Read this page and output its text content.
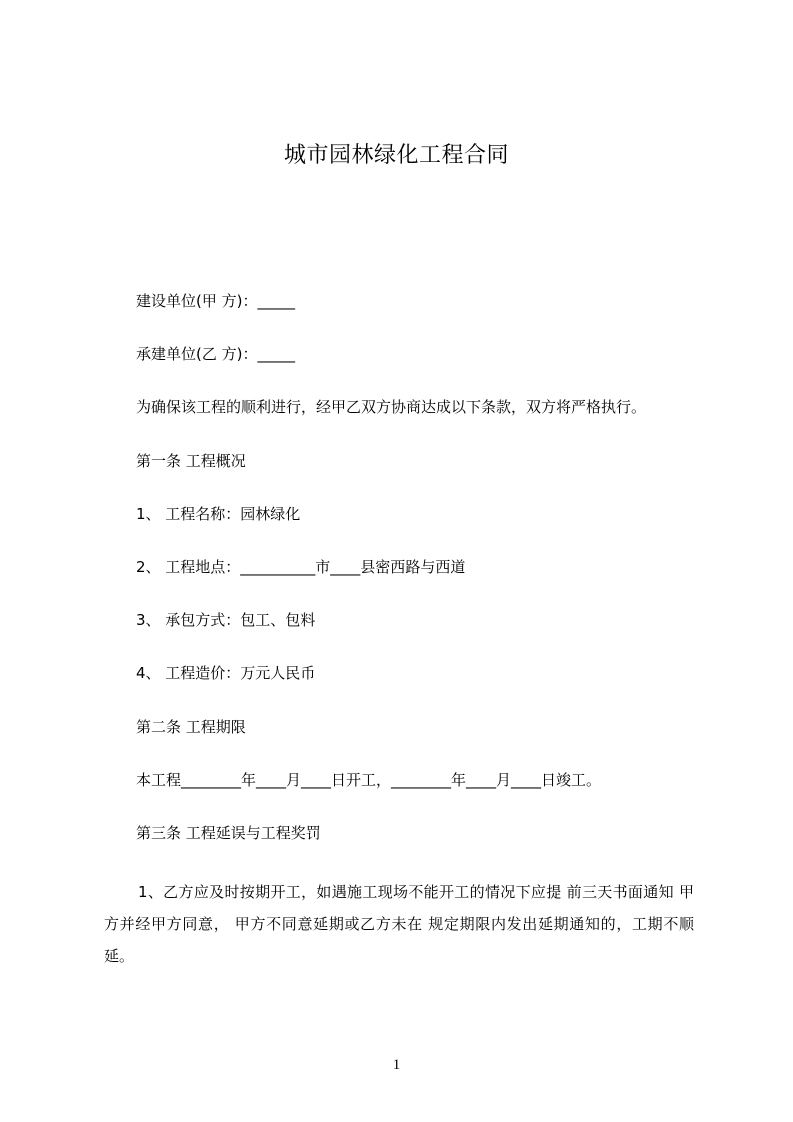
城市园林绿化工程合同
建设单位(甲 方)：_____
承建单位(乙 方)：_____
为确保该工程的顺利进行，经甲乙双方协商达成以下条款，双方将严格执行。
第一条 工程概况
1、 工程名称：园林绿化
2、 工程地点：__________市____县密西路与西道
3、 承包方式：包工、包料
4、 工程造价：万元人民币
第二条 工程期限
本工程________年____月____日开工，________年____月____日竣工。
第三条 工程延误与工程奖罚
1、乙方应及时按期开工，如遇施工现场不能开工的情况下应提 前三天书面通知 甲方并经甲方同意， 甲方不同意延期或乙方未在 规定期限内发出延期通知的，工期不顺延。
1
